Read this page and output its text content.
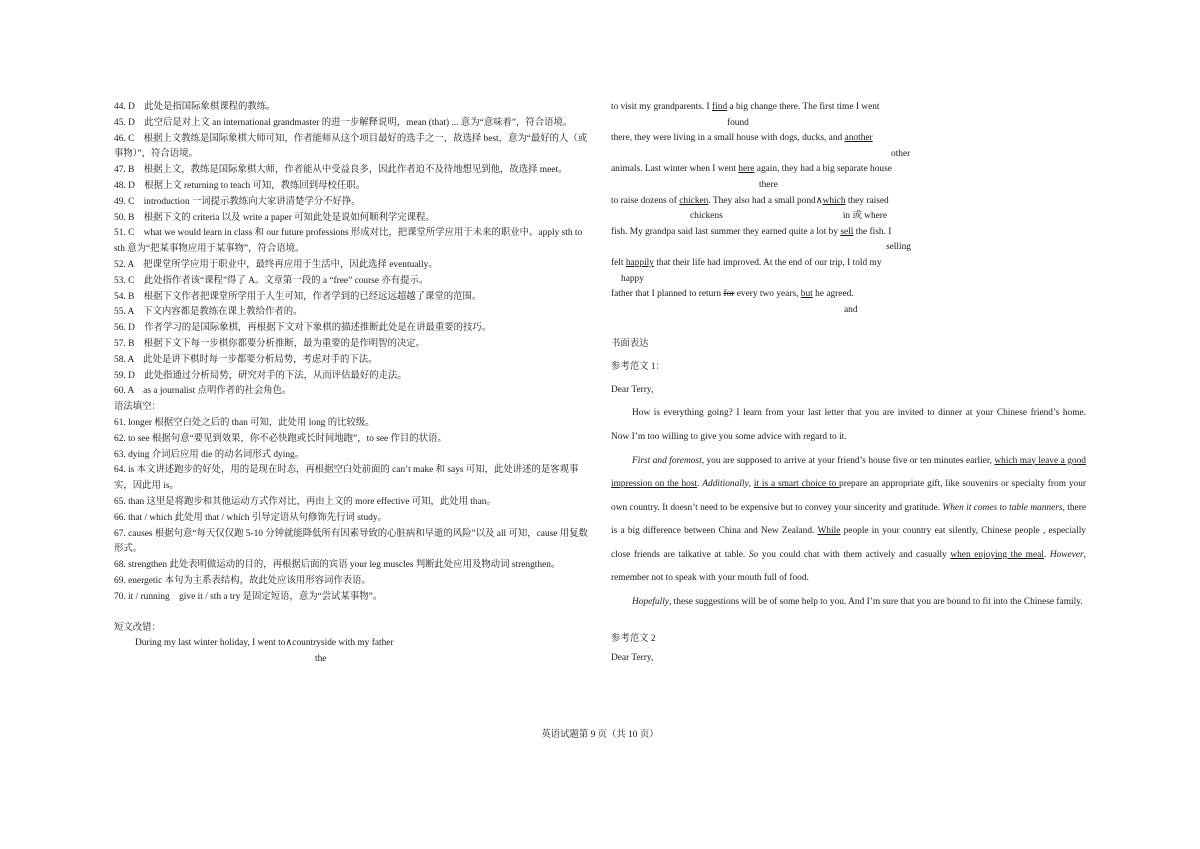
44. D　此处是指国际象棋课程的教练。
45. D　此空后是对上文 an international grandmaster 的进一步解释说明，mean (that) ... 意为“意味着”，符合语境。
46. C　根据上文教练是国际象棋大师可知，作者能师从这个项目最好的选手之一，故选择 best，意为“最好的人（或事物）”，符合语境。
47. B　根据上文，教练是国际象棋大师，作者能从中受益良多，因此作者迫不及待地想见到他，故选择 meet。
48. D　根据上文 returning to teach 可知，教练回到母校任职。
49. C　introduction 一词提示教练向大家讲清楚学分不好挣。
50. B　根据下文的 criteria 以及 write a paper 可知此处是说如何顺利学完课程。
51. C　what we would learn in class 和 our future professions 形成对比，把课堂所学应用于未来的职业中。apply sth to sth 意为“把某事物应用于某事物”，符合语境。
52. A　把课堂所学应用于职业中，最终再应用于生活中，因此选择 eventually。
53. C　此处指作者该“课程”得了 A。文章第一段的 a “free” course 亦有提示。
54. B　根据下文作者把课堂所学用于人生可知，作者学到的已经远远超越了课堂的范围。
55. A　下文内容都是教练在课上教给作者的。
56. D　作者学习的是国际象棋，再根据下文对下象棋的描述推断此处是在讲最重要的技巧。
57. B　根据下文下每一步棋你都要分析推断，最为重要的是作明智的决定。
58. A　此处是讲下棋时每一步都要分析局势，考虑对手的下法。
59. D　此处指通过分析局势，研究对手的下法，从而评估最好的走法。
60. A　as a journalist 点明作者的社会角色。
语法填空：
61. longer 根据空白处之后的 than 可知，此处用 long 的比较级。
62. to see 根据句意“要见到效果，你不必快跑或长时间地跑”，to see 作目的状语。
63. dying 介词后应用 die 的动名词形式 dying。
64. is 本文讲述跑步的好处，用的是现在时态，再根据空白处前面的 can’t make 和 says 可知，此处讲述的是客观事实，因此用 is。
65. than 这里是将跑步和其他运动方式作对比，再由上文的 more effective 可知，此处用 than。
66. that / which 此处用 that / which 引导定语从句修饰先行词 study。
67. causes 根据句意“每天仅仅跑 5-10 分钟就能降低所有因素导致的心脏病和早逝的风险”以及 all 可知，cause 用复数形式。
68. strengthen 此处表明做运动的目的，再根据后面的宾语 your leg muscles 判断此处应用及物动词 strengthen。
69. energetic 本句为主系表结构，故此处应该用形容词作表语。
70. it / running　give it / sth a try 是固定短语，意为“尝试某事物”。
短文改错：
During my last winter holiday, I went to∧countryside with my father
the
to visit my grandparents. I find a big change there. The first time I went
found
there, they were living in a small house with dogs, ducks, and another
other
animals. Last winter when I went here again, they had a big separate house
there
to raise dozens of chicken. They also had a small pond∧which they raised
chickens	in 或 where
fish. My grandpa said last summer they earned quite a lot by sell the fish. I
selling
felt happily that their life had improved. At the end of our trip, I told my
happy
father that I planned to return for every two years, but he agreed.
and
书面表达
参考范文 1：
Dear Terry,

How is everything going? I learn from your last letter that you are invited to dinner at your Chinese friend’s home.　Now I’m too willing to give you some advice with regard to it.

First and foremost, you are supposed to arrive at your friend’s house five or ten minutes earlier, which may leave a good impression on the host. Additionally, it is a smart choice to prepare an appropriate gift, like souvenirs or specialty from your own country. It doesn’t need to be expensive but to convey your sincerity and gratitude. When it comes to table manners, there is a big difference between China and New Zealand. While people in your country eat silently, Chinese people , especially close friends are talkative at table. So you could chat with them actively and casually when enjoying the meal. However, remember not to speak with your mouth full of food.

Hopefully, these suggestions will be of some help to you. And I’m sure that you are bound to fit into the Chinese family.

参考范文 2
Dear Terry,
英语试题第 9 页（共 10 页）
